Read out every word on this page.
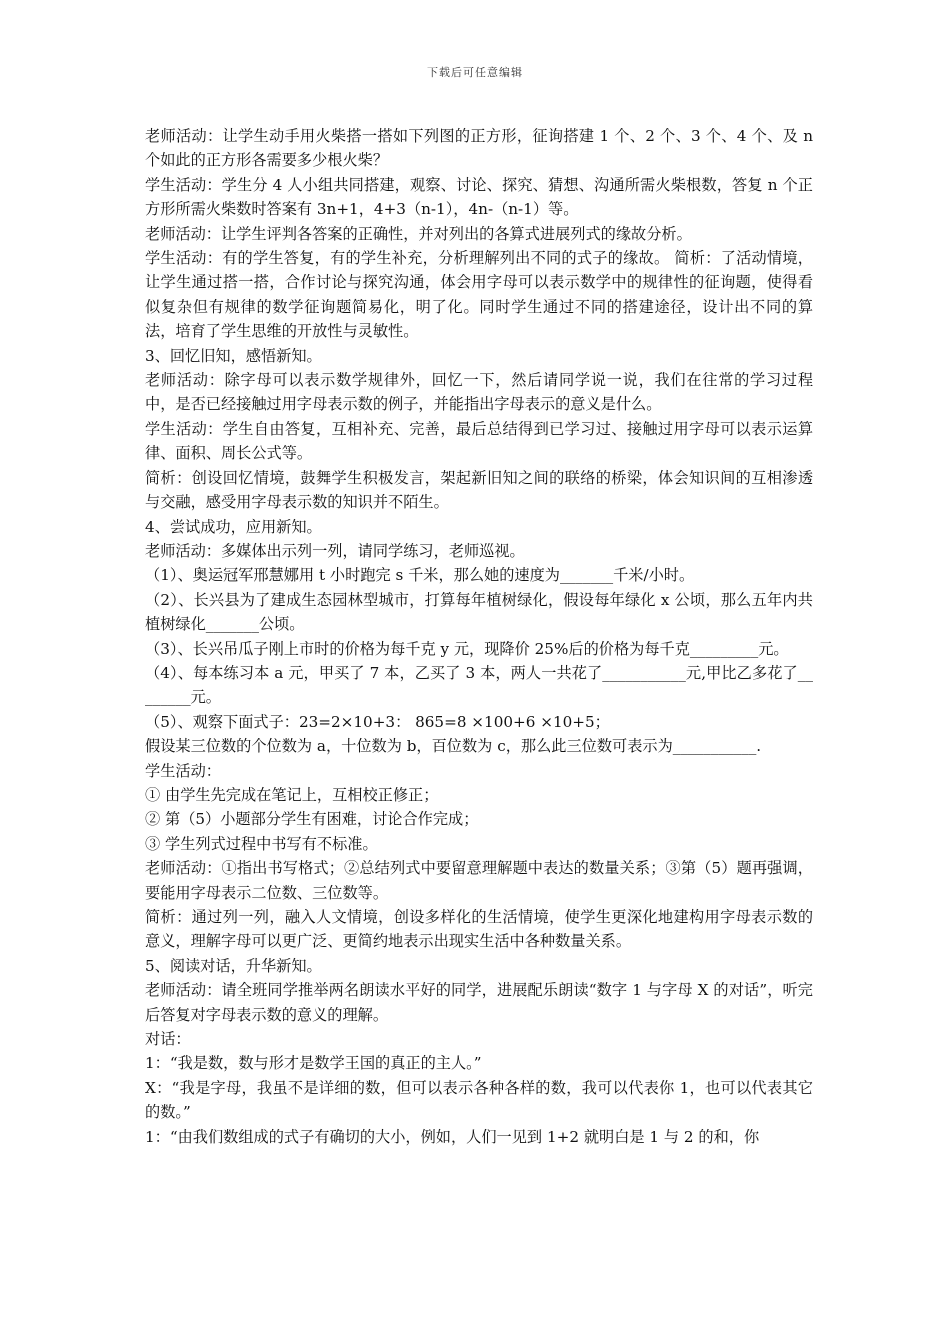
下载后可任意编辑

老师活动：让学生动手用火柴搭一搭如下列图的正方形，征询搭建 1 个、2 个、3 个、4 个、及 n 个如此的正方形各需要多少根火柴？

学生活动：学生分 4 人小组共同搭建，观察、讨论、探究、猜想、沟通所需火柴根数，答复 n 个正方形所需火柴数时答案有 3n+1，4+3（n-1），4n-（n-1）等。

老师活动：让学生评判各答案的正确性，并对列出的各算式进展列式的缘故分析。

学生活动：有的学生答复，有的学生补充，分析理解列出不同的式子的缘故。 简析：了活动情境，让学生通过搭一搭，合作讨论与探究沟通，体会用字母可以表示数学中的规律性的征询题，使得看似复杂但有规律的数学征询题简易化，明了化。同时学生通过不同的搭建途径，设计出不同的算法，培育了学生思维的开放性与灵敏性。

3、回忆旧知，感悟新知。

老师活动：除字母可以表示数学规律外，回忆一下，然后请同学说一说，我们在往常的学习过程中，是否已经接触过用字母表示数的例子，并能指出字母表示的意义是什么。

学生活动：学生自由答复，互相补充、完善，最后总结得到已学习过、接触过用字母可以表示运算律、面积、周长公式等。

简析：创设回忆情境，鼓舞学生积极发言，架起新旧知之间的联络的桥梁，体会知识间的互相渗透与交融，感受用字母表示数的知识并不陌生。

4、尝试成功，应用新知。

老师活动：多媒体出示列一列，请同学练习，老师巡视。

（1）、奥运冠军邢慧娜用 t 小时跑完 s 千米，那么她的速度为_______千米/小时。

（2）、长兴县为了建成生态园林型城市，打算每年植树绿化，假设每年绿化 x 公顷，那么五年内共植树绿化_______公顷。

（3）、长兴吊瓜子刚上市时的价格为每千克 y 元，现降价 25%后的价格为每千克_________元。

（4）、每本练习本 a 元，甲买了 7 本，乙买了 3 本，两人一共花了___________元,甲比乙多花了________元。

（5）、观察下面式子：23=2×10+3： 865=8 ×100+6 ×10+5；

假设某三位数的个位数为 a，十位数为 b，百位数为 c，那么此三位数可表示为___________.

学生活动：

① 由学生先完成在笔记上，互相校正修正；

② 第（5）小题部分学生有困难，讨论合作完成；

③ 学生列式过程中书写有不标准。

老师活动：①指出书写格式；②总结列式中要留意理解题中表达的数量关系；③第（5）题再强调，要能用字母表示二位数、三位数等。

简析：通过列一列，融入人文情境，创设多样化的生活情境，使学生更深化地建构用字母表示数的意义，理解字母可以更广泛、更简约地表示出现实生活中各种数量关系。

5、阅读对话，升华新知。

老师活动：请全班同学推举两名朗读水平好的同学，进展配乐朗读“数字 1 与字母 X 的对话”，听完后答复对字母表示数的意义的理解。

对话：

1：“我是数，数与形才是数学王国的真正的主人。”

X：“我是字母，我虽不是详细的数，但可以表示各种各样的数，我可以代表你 1，也可以代表其它的数。”

1：“由我们数组成的式子有确切的大小，例如，人们一见到 1+2 就明白是 1 与 2 的和，你
